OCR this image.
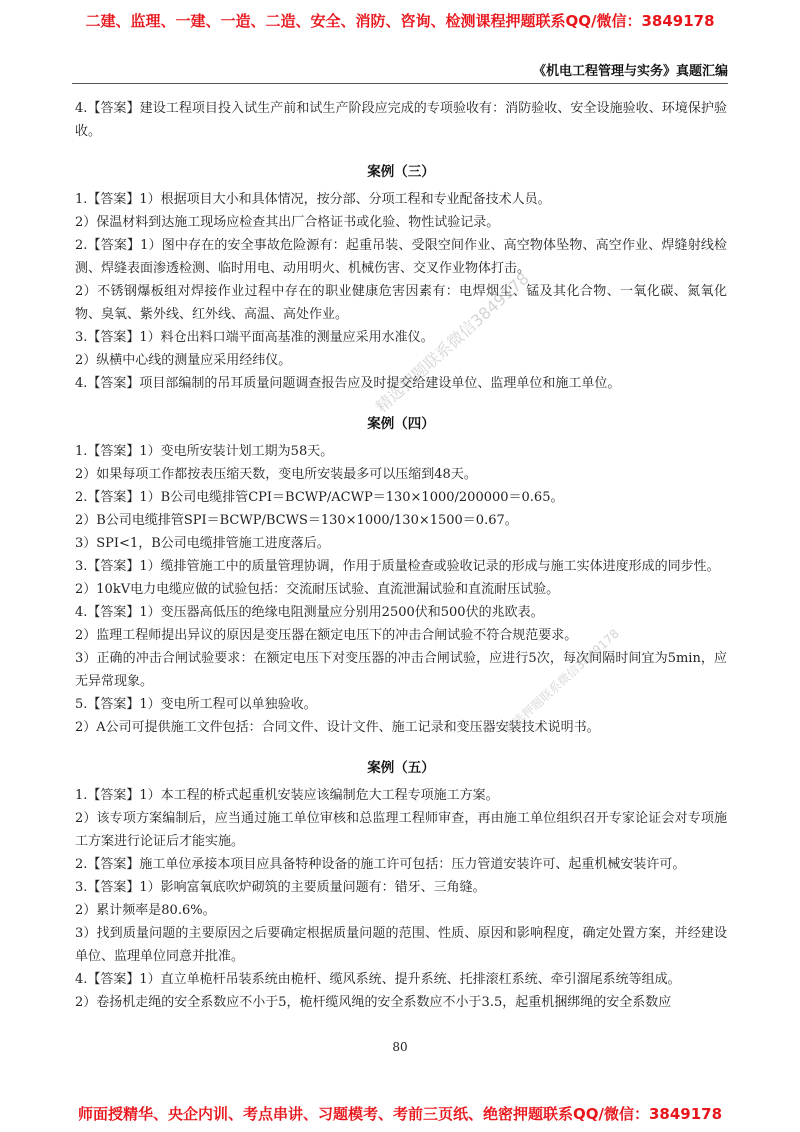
二建、监理、一建、一造、二造、安全、消防、咨询、检测课程押题联系QQ/微信：3849178
《机电工程管理与实务》真题汇编

4.【答案】建设工程项目投入试生产前和试生产阶段应完成的专项验收有：消防验收、安全设施验收、环境保护验收。

案例（三）

1.【答案】1）根据项目大小和具体情况，按分部、分项工程和专业配备技术人员。

2）保温材料到达施工现场应检查其出厂合格证书或化验、物性试验记录。

2.【答案】1）图中存在的安全事故危险源有：起重吊装、受限空间作业、高空物体坠物、高空作业、焊缝射线检测、焊缝表面渗透检测、临时用电、动用明火、机械伤害、交叉作业物体打击。

2）不锈钢爆板组对焊接作业过程中存在的职业健康危害因素有：电焊烟尘、锰及其化合物、一氧化碳、氮氧化物、臭氧、紫外线、红外线、高温、高处作业。

3.【答案】1）料仓出料口端平面高基准的测量应采用水准仪。

2）纵横中心线的测量应采用经纬仪。

4.【答案】项目部编制的吊耳质量问题调查报告应及时提交给建设单位、监理单位和施工单位。

案例（四）

1.【答案】1）变电所安装计划工期为58天。

2）如果每项工作都按表压缩天数，变电所安装最多可以压缩到48天。

2.【答案】1）B公司电缆排管CPI＝BCWP/ACWP＝130×1000/200000＝0.65。

2）B公司电缆排管SPI＝BCWP/BCWS＝130×1000/130×1500＝0.67。

3）SPI<1，B公司电缆排管施工进度落后。

3.【答案】1）缆排管施工中的质量管理协调，作用于质量检查或验收记录的形成与施工实体进度形成的同步性。

2）10kV电力电缆应做的试验包括：交流耐压试验、直流泄漏试验和直流耐压试验。

4.【答案】1）变压器高低压的绝缘电阻测量应分别用2500伏和500伏的兆欧表。

2）监理工程师提出异议的原因是变压器在额定电压下的冲击合闸试验不符合规范要求。

3）正确的冲击合闸试验要求：在额定电压下对变压器的冲击合闸试验，应进行5次，每次间隔时间宜为5min，应无异常现象。

5.【答案】1）变电所工程可以单独验收。

2）A公司可提供施工文件包括：合同文件、设计文件、施工记录和变压器安装技术说明书。

案例（五）

1.【答案】1）本工程的桥式起重机安装应该编制危大工程专项施工方案。

2）该专项方案编制后，应当通过施工单位审核和总监理工程师审查，再由施工单位组织召开专家论证会对专项施工方案进行论证后才能实施。

2.【答案】施工单位承接本项目应具备特种设备的施工许可包括：压力管道安装许可、起重机械安装许可。

3.【答案】1）影响富氧底吹炉砌筑的主要质量问题有：错牙、三角缝。

2）累计频率是80.6%。

3）找到质量问题的主要原因之后要确定根据质量问题的范围、性质、原因和影响程度，确定处置方案，并经建设单位、监理单位同意并批准。

4.【答案】1）直立单桅杆吊装系统由桅杆、缆风系统、提升系统、托排滚杠系统、牵引溜尾系统等组成。

2）卷扬机走绳的安全系数应不小于5，桅杆缆风绳的安全系数应不小于3.5，起重机捆绑绳的安全系数应

精选押题联系微信3849178
精选押题联系微信3849178
80
师面授精华、央企内训、考点串讲、习题模考、考前三页纸、绝密押题联系QQ/微信：3849178
